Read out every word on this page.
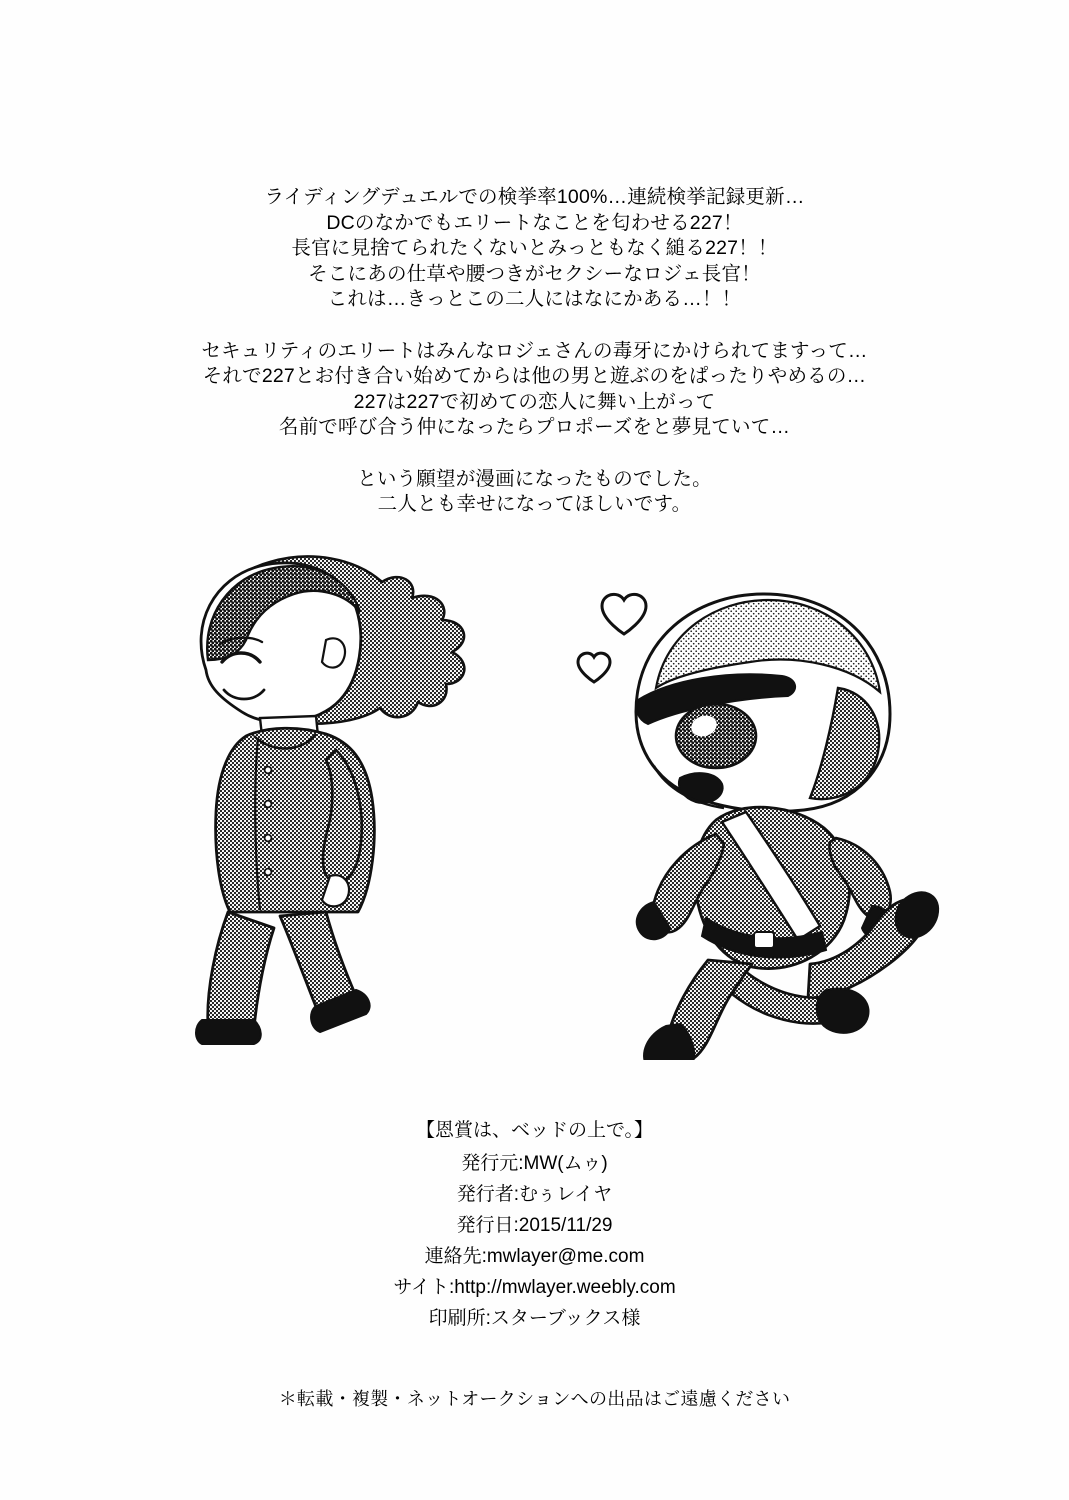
ライディングデュエルでの検挙率100%…連続検挙記録更新…
DCのなかでもエリートなことを匂わせる227！
長官に見捨てられたくないとみっともなく縋る227！！
そこにあの仕草や腰つきがセクシーなロジェ長官！
これは…きっとこの二人にはなにかある…！！
セキュリティのエリートはみんなロジェさんの毒牙にかけられてますって…
それで227とお付き合い始めてからは他の男と遊ぶのをぱったりやめるの…
227は227で初めての恋人に舞い上がって
名前で呼び合う仲になったらプロポーズをと夢見ていて…
という願望が漫画になったものでした。
二人とも幸せになってほしいです。
【恩賞は、ベッドの上で。】
発行元:MW(ムゥ)
発行者:むぅレイヤ
発行日:2015/11/29
連絡先:mwlayer@me.com
サイト:http://mwlayer.weebly.com
印刷所:スターブックス様
＊転載・複製・ネットオークションへの出品はご遠慮ください
